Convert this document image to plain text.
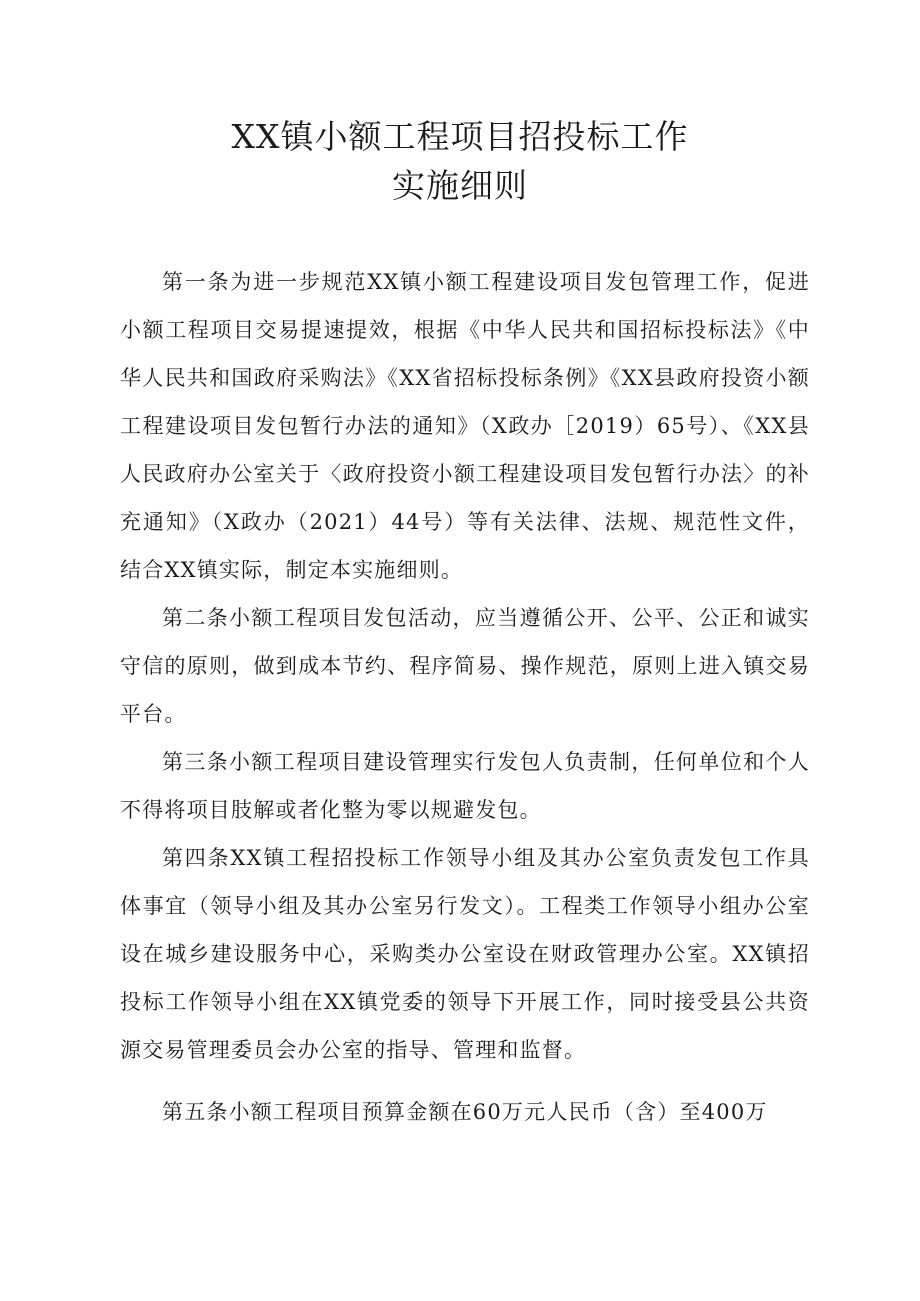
XX镇小额工程项目招投标工作
实施细则

第一条为进一步规范XX镇小额工程建设项目发包管理工作，促进小额工程项目交易提速提效，根据《中华人民共和国招标投标法》《中华人民共和国政府采购法》《XX省招标投标条例》《XX县政府投资小额工程建设项目发包暂行办法的通知》（X政办［2019）65号）、《XX县人民政府办公室关于〈政府投资小额工程建设项目发包暂行办法〉的补充通知》（X政办（2021）44号）等有关法律、法规、规范性文件，结合XX镇实际，制定本实施细则。

第二条小额工程项目发包活动，应当遵循公开、公平、公正和诚实守信的原则，做到成本节约、程序简易、操作规范，原则上进入镇交易平台。

第三条小额工程项目建设管理实行发包人负责制，任何单位和个人不得将项目肢解或者化整为零以规避发包。

第四条XX镇工程招投标工作领导小组及其办公室负责发包工作具体事宜（领导小组及其办公室另行发文）。工程类工作领导小组办公室设在城乡建设服务中心，采购类办公室设在财政管理办公室。XX镇招投标工作领导小组在XX镇党委的领导下开展工作，同时接受县公共资源交易管理委员会办公室的指导、管理和监督。

第五条小额工程项目预算金额在60万元人民币（含）至400万
